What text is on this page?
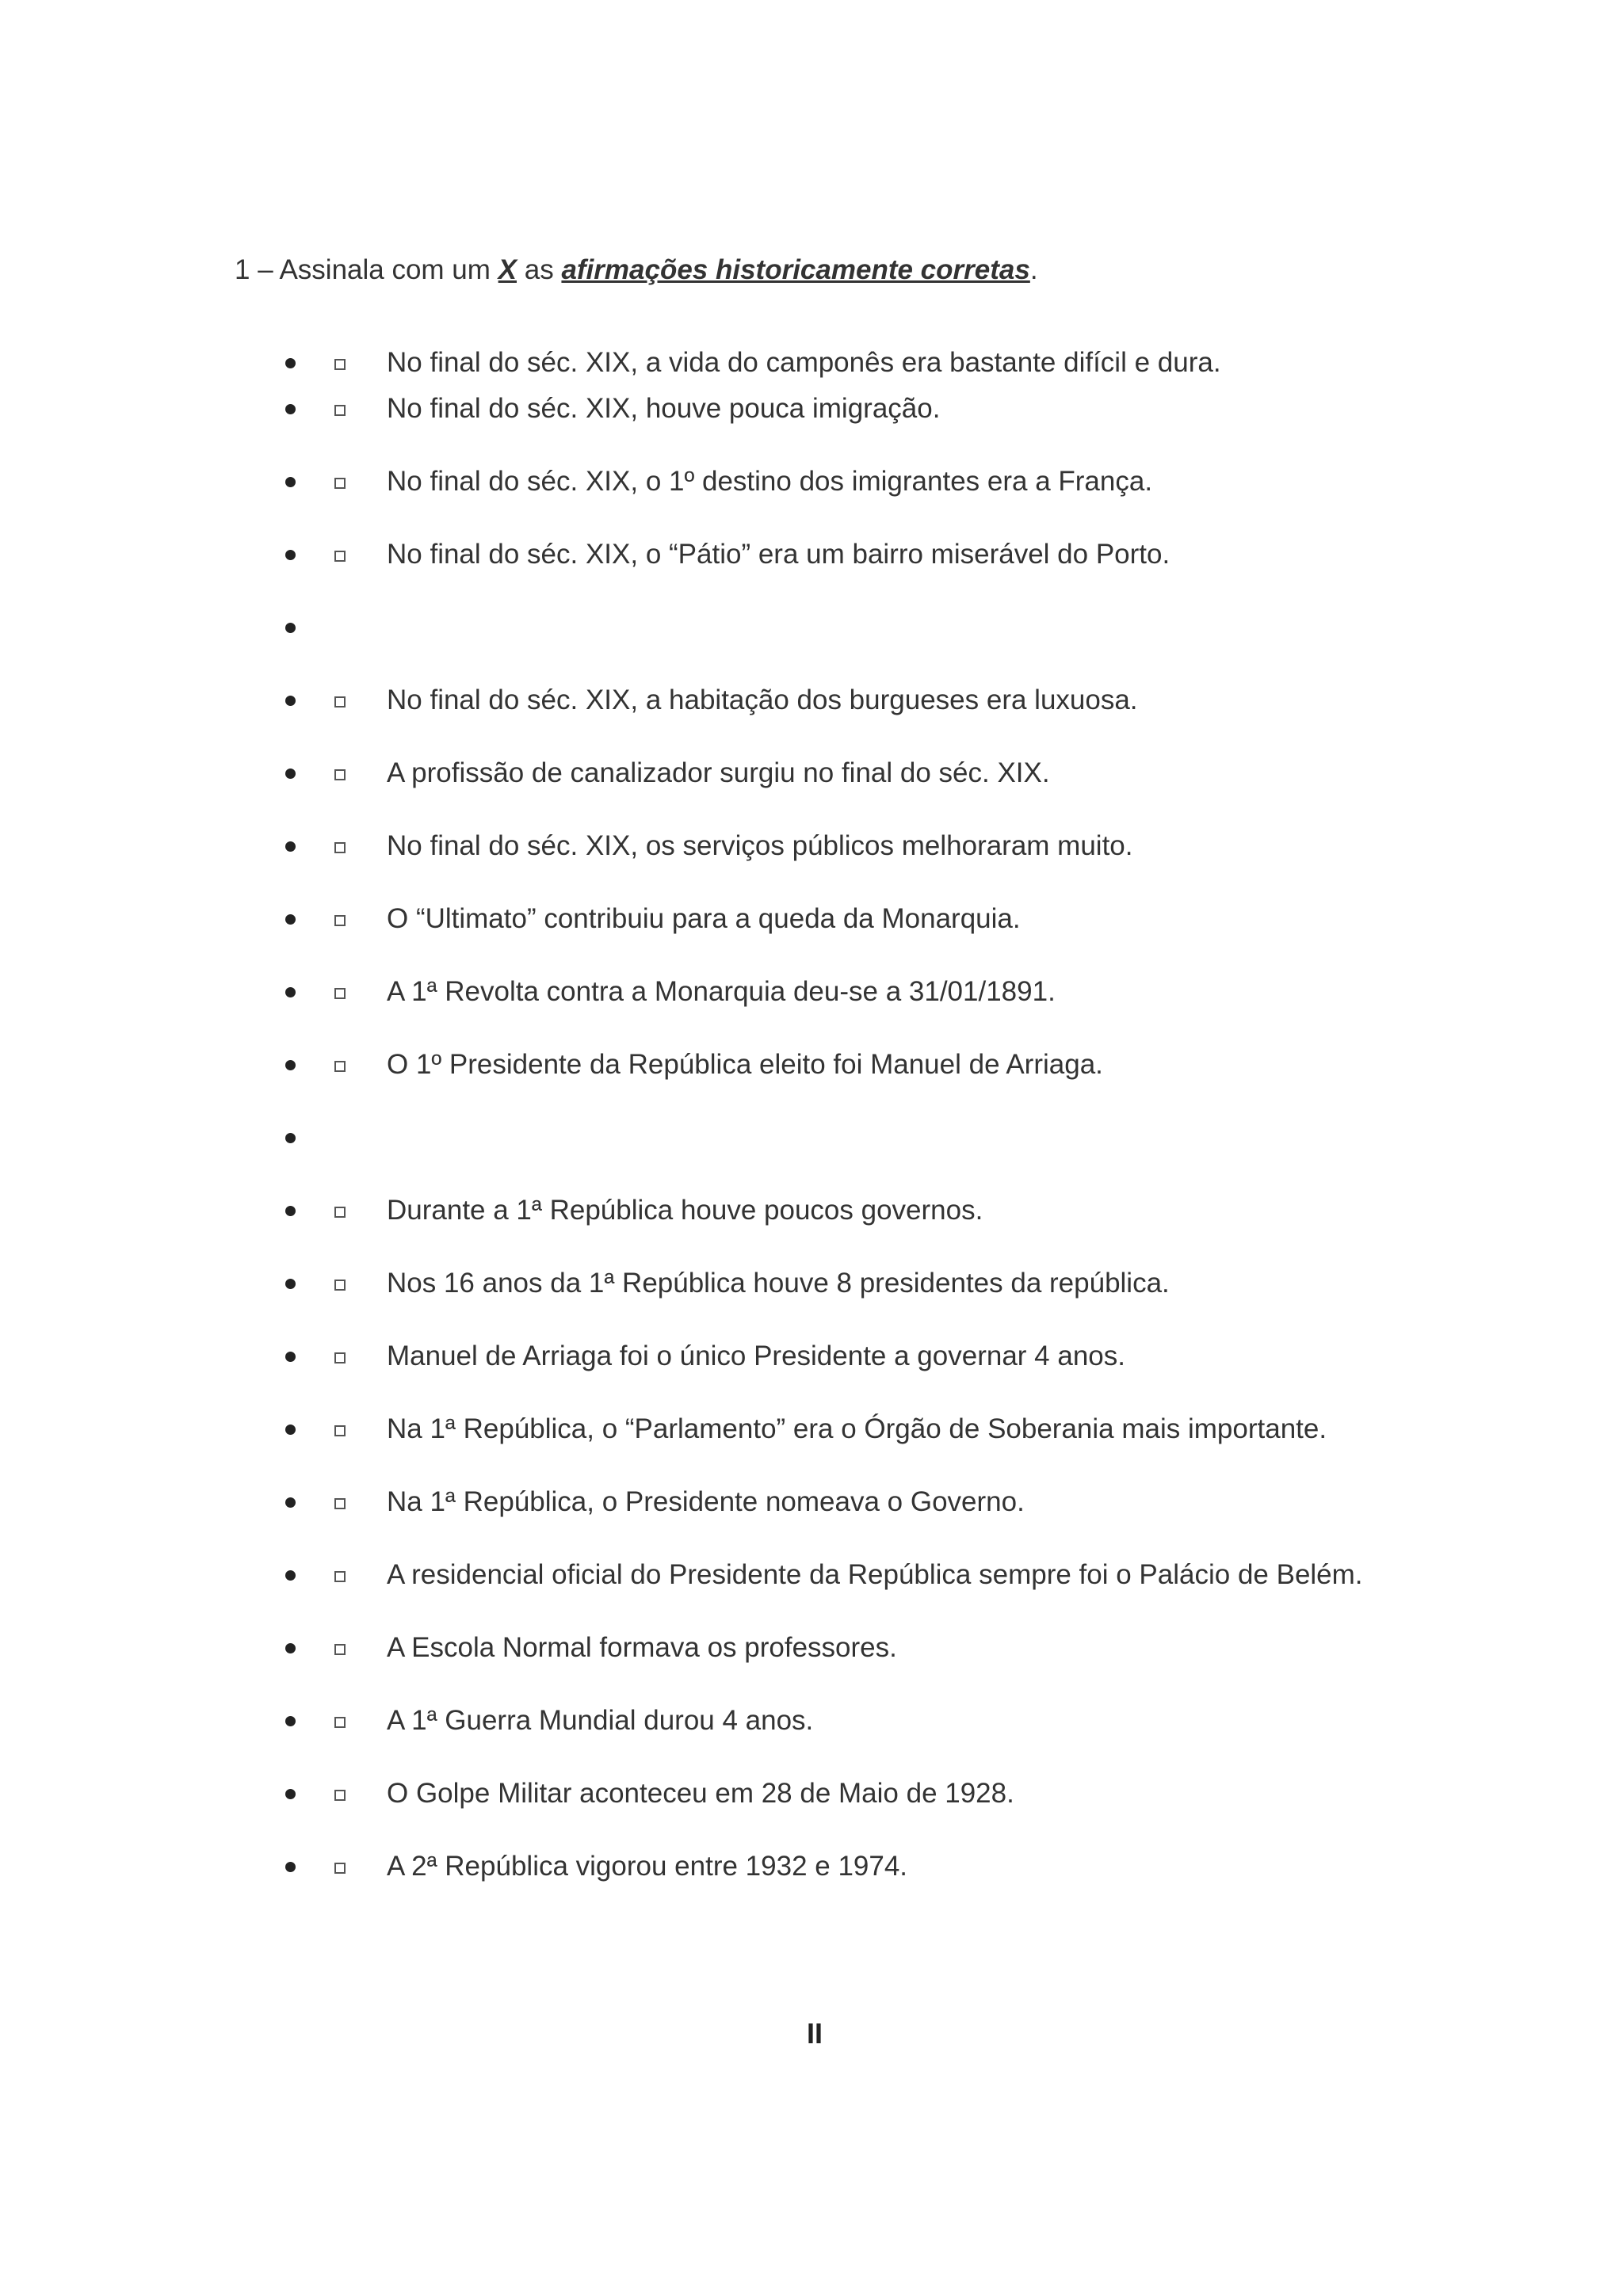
1 – Assinala com um X as afirmações historicamente corretas.
No final do séc. XIX, a vida do camponês era bastante difícil e dura.
No final do séc. XIX, houve pouca imigração.
No final do séc. XIX, o 1º destino dos imigrantes era a França.
No final do séc. XIX, o “Pátio” era um bairro miserável do Porto.
No final do séc. XIX, a habitação dos burgueses era luxuosa.
A profissão de canalizador surgiu no final do séc. XIX.
No final do séc. XIX, os serviços públicos melhoraram muito.
O “Ultimato” contribuiu para a queda da Monarquia.
A 1ª Revolta contra a Monarquia deu-se a 31/01/1891.
O 1º Presidente da República eleito foi Manuel de Arriaga.
Durante a 1ª República houve poucos governos.
Nos 16 anos da 1ª República houve 8 presidentes da república.
Manuel de Arriaga foi o único Presidente a governar 4 anos.
Na 1ª República, o “Parlamento” era o Órgão de Soberania mais importante.
Na 1ª República, o Presidente nomeava o Governo.
A residencial oficial do Presidente da República sempre foi o Palácio de Belém.
A Escola Normal formava os professores.
A 1ª Guerra Mundial durou 4 anos.
O Golpe Militar aconteceu em 28 de Maio de 1928.
A 2ª República vigorou entre 1932 e 1974.
II
